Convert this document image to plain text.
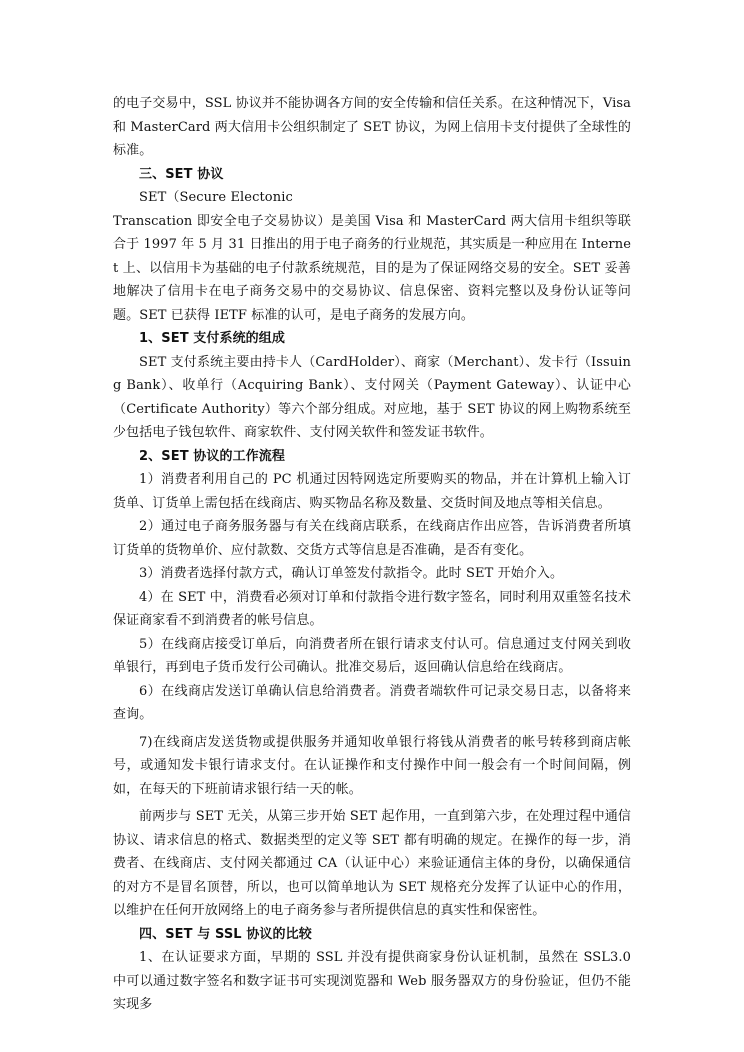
的电子交易中，SSL 协议并不能协调各方间的安全传输和信任关系。在这种情况下，Visa 和 MasterCard 两大信用卡公组织制定了 SET 协议，为网上信用卡支付提供了全球性的标准。

三、SET 协议

SET（Secure Electonic

Transcation 即安全电子交易协议）是美国 Visa 和 MasterCard 两大信用卡组织等联合于 1997 年 5 月 31 日推出的用于电子商务的行业规范，其实质是一种应用在 Internet 上、以信用卡为基础的电子付款系统规范，目的是为了保证网络交易的安全。SET 妥善地解决了信用卡在电子商务交易中的交易协议、信息保密、资料完整以及身份认证等问题。SET 已获得 IETF 标准的认可，是电子商务的发展方向。

1、SET 支付系统的组成

SET 支付系统主要由持卡人（CardHolder）、商家（Merchant）、发卡行（Issuing Bank）、收单行（Acquiring Bank）、支付网关（Payment Gateway）、认证中心（Certificate Authority）等六个部分组成。对应地，基于 SET 协议的网上购物系统至少包括电子钱包软件、商家软件、支付网关软件和签发证书软件。

2、SET 协议的工作流程

1）消费者利用自己的 PC 机通过因特网选定所要购买的物品，并在计算机上输入订货单、订货单上需包括在线商店、购买物品名称及数量、交货时间及地点等相关信息。

2）通过电子商务服务器与有关在线商店联系，在线商店作出应答，告诉消费者所填订货单的货物单价、应付款数、交货方式等信息是否准确，是否有变化。

3）消费者选择付款方式，确认订单签发付款指令。此时 SET 开始介入。

4）在 SET 中，消费看必须对订单和付款指令进行数字签名，同时利用双重签名技术保证商家看不到消费者的帐号信息。

5）在线商店接受订单后，向消费者所在银行请求支付认可。信息通过支付网关到收单银行，再到电子货币发行公司确认。批准交易后，返回确认信息给在线商店。

6）在线商店发送订单确认信息给消费者。消费者端软件可记录交易日志，以备将来查询。

7)在线商店发送货物或提供服务并通知收单银行将钱从消费者的帐号转移到商店帐号，或通知发卡银行请求支付。在认证操作和支付操作中间一般会有一个时间间隔，例如，在每天的下班前请求银行结一天的帐。

前两步与 SET 无关，从第三步开始 SET 起作用，一直到第六步，在处理过程中通信协议、请求信息的格式、数据类型的定义等 SET 都有明确的规定。在操作的每一步，消费者、在线商店、支付网关都通过 CA（认证中心）来验证通信主体的身份，以确保通信的对方不是冒名顶替，所以，也可以简单地认为 SET 规格充分发挥了认证中心的作用，以维护在任何开放网络上的电子商务参与者所提供信息的真实性和保密性。

四、SET 与 SSL 协议的比较

1、在认证要求方面，早期的 SSL 并没有提供商家身份认证机制，虽然在 SSL3.0 中可以通过数字签名和数字证书可实现浏览器和 Web 服务器双方的身份验证，但仍不能实现多
